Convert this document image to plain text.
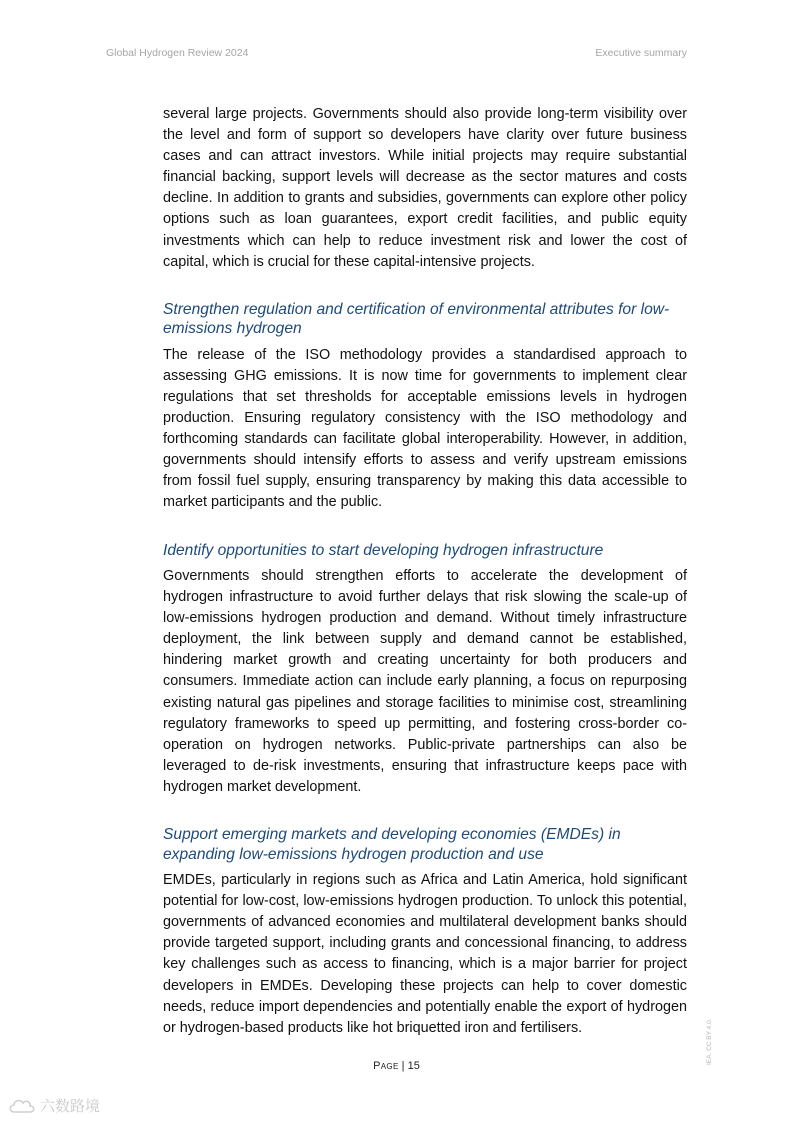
Global Hydrogen Review 2024	Executive summary

several large projects. Governments should also provide long-term visibility over the level and form of support so developers have clarity over future business cases and can attract investors. While initial projects may require substantial financial backing, support levels will decrease as the sector matures and costs decline. In addition to grants and subsidies, governments can explore other policy options such as loan guarantees, export credit facilities, and public equity investments which can help to reduce investment risk and lower the cost of capital, which is crucial for these capital-intensive projects.

Strengthen regulation and certification of environmental attributes for low-emissions hydrogen

The release of the ISO methodology provides a standardised approach to assessing GHG emissions. It is now time for governments to implement clear regulations that set thresholds for acceptable emissions levels in hydrogen production. Ensuring regulatory consistency with the ISO methodology and forthcoming standards can facilitate global interoperability. However, in addition, governments should intensify efforts to assess and verify upstream emissions from fossil fuel supply, ensuring transparency by making this data accessible to market participants and the public.

Identify opportunities to start developing hydrogen infrastructure

Governments should strengthen efforts to accelerate the development of hydrogen infrastructure to avoid further delays that risk slowing the scale-up of low-emissions hydrogen production and demand. Without timely infrastructure deployment, the link between supply and demand cannot be established, hindering market growth and creating uncertainty for both producers and consumers. Immediate action can include early planning, a focus on repurposing existing natural gas pipelines and storage facilities to minimise cost, streamlining regulatory frameworks to speed up permitting, and fostering cross-border co-operation on hydrogen networks. Public-private partnerships can also be leveraged to de-risk investments, ensuring that infrastructure keeps pace with hydrogen market development.

Support emerging markets and developing economies (EMDEs) in expanding low-emissions hydrogen production and use

EMDEs, particularly in regions such as Africa and Latin America, hold significant potential for low-cost, low-emissions hydrogen production. To unlock this potential, governments of advanced economies and multilateral development banks should provide targeted support, including grants and concessional financing, to address key challenges such as access to financing, which is a major barrier for project developers in EMDEs. Developing these projects can help to cover domestic needs, reduce import dependencies and potentially enable the export of hydrogen or hydrogen-based products like hot briquetted iron and fertilisers.

Page | 15
IEA. CC BY 4.0.
六数路境
